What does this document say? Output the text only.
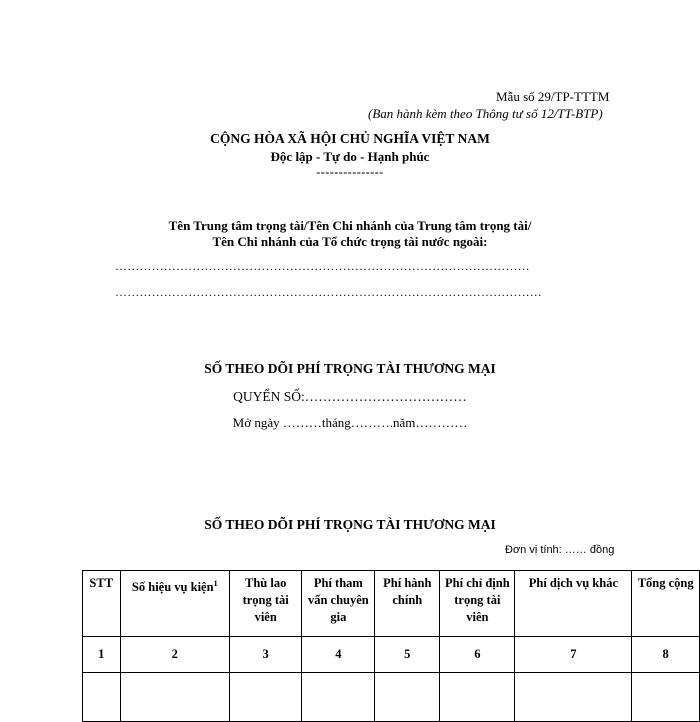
Mẫu số 29/TP-TTTM
(Ban hành kèm theo Thông tư số 12/TT-BTP)
CỘNG HÒA XÃ HỘI CHỦ NGHĨA VIỆT NAM
Độc lập - Tự do - Hạnh phúc
---------------
Tên Trung tâm trọng tài/Tên Chi nhánh của Trung tâm trọng tài/
Tên Chi nhánh của Tổ chức trọng tài nước ngoài:
…………………………………………………………………………………………
……………………………………………………………………………………………
SỐ THEO DÕI PHÍ TRỌNG TÀI THƯƠNG MẠI
QUYỂN SỐ:………………………………
Mở ngày ………tháng……….năm…………
SỐ THEO DÕI PHÍ TRỌNG TÀI THƯƠNG MẠI
Đơn vị tính: …… đồng
STT	Số hiệu vụ kiện$^1$	Thù lao trọng tài viên	Phí tham vấn chuyên gia	Phí hành chính	Phí chỉ định trọng tài viên	Phí dịch vụ khác	Tổng cộng
1	2	3	4	5	6	7	8
